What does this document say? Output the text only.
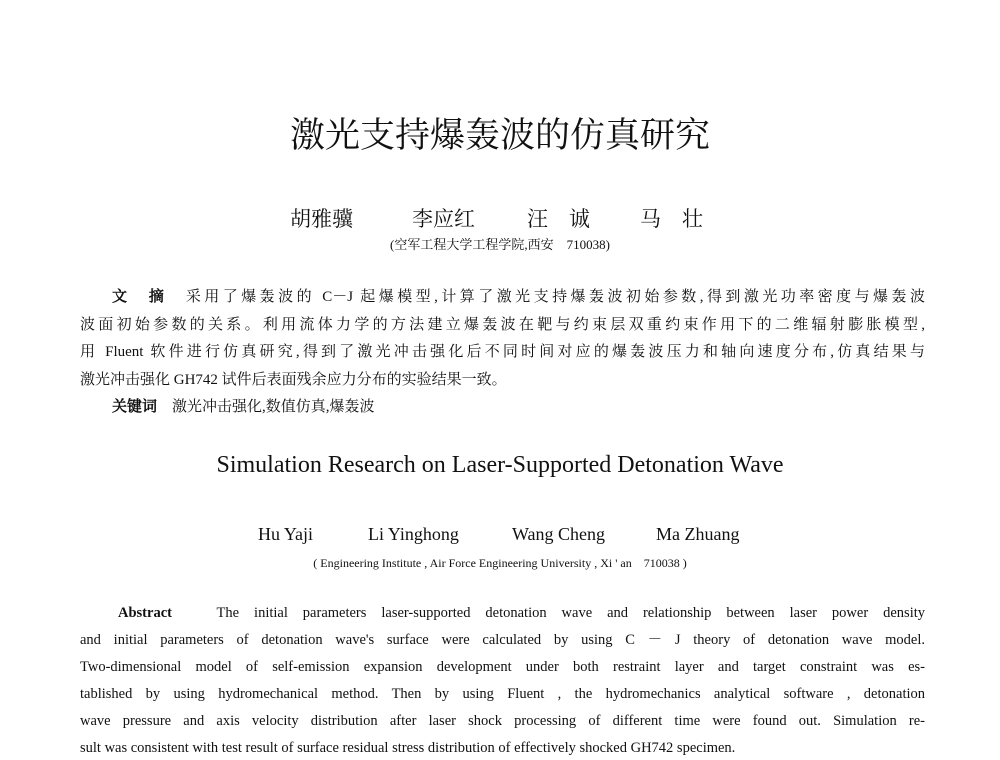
激光支持爆轰波的仿真研究
胡雅骥	李应红 汪　诚 马　壮
(空军工程大学工程学院,西安　710038)
文　摘　 采用了爆轰波的 C－J 起爆模型,计算了激光支持爆轰波初始参数,得到激光功率密度与爆轰波
波面初始参数的关系。利用流体力学的方法建立爆轰波在靶与约束层双重约束作用下的二维辐射膨胀模型,
用 Fluent 软件进行仿真研究,得到了激光冲击强化后不同时间对应的爆轰波压力和轴向速度分布,仿真结果与
激光冲击强化 GH742 试件后表面残余应力分布的实验结果一致。
关键词　 激光冲击强化,数值仿真,爆轰波
Simulation Research on Laser-Supported Detonation Wave
Hu Yaji	Li Yinghong	Wang Cheng	Ma Zhuang
( Engineering Institute , Air Force Engineering University , Xi ' an　710038 )
Abstract	The initial parameters laser-supported detonation wave and relationship between laser power density
and initial parameters of detonation wave's surface were calculated by using C － J theory of detonation wave model.
Two-dimensional model of self-emission expansion development under both restraint layer and target constraint was es-
tablished by using hydromechanical method. Then by using Fluent , the hydromechanics analytical software , detonation
wave pressure and axis velocity distribution after laser shock processing of different time were found out. Simulation re-
sult was consistent with test result of surface residual stress distribution of effectively shocked GH742 specimen.
